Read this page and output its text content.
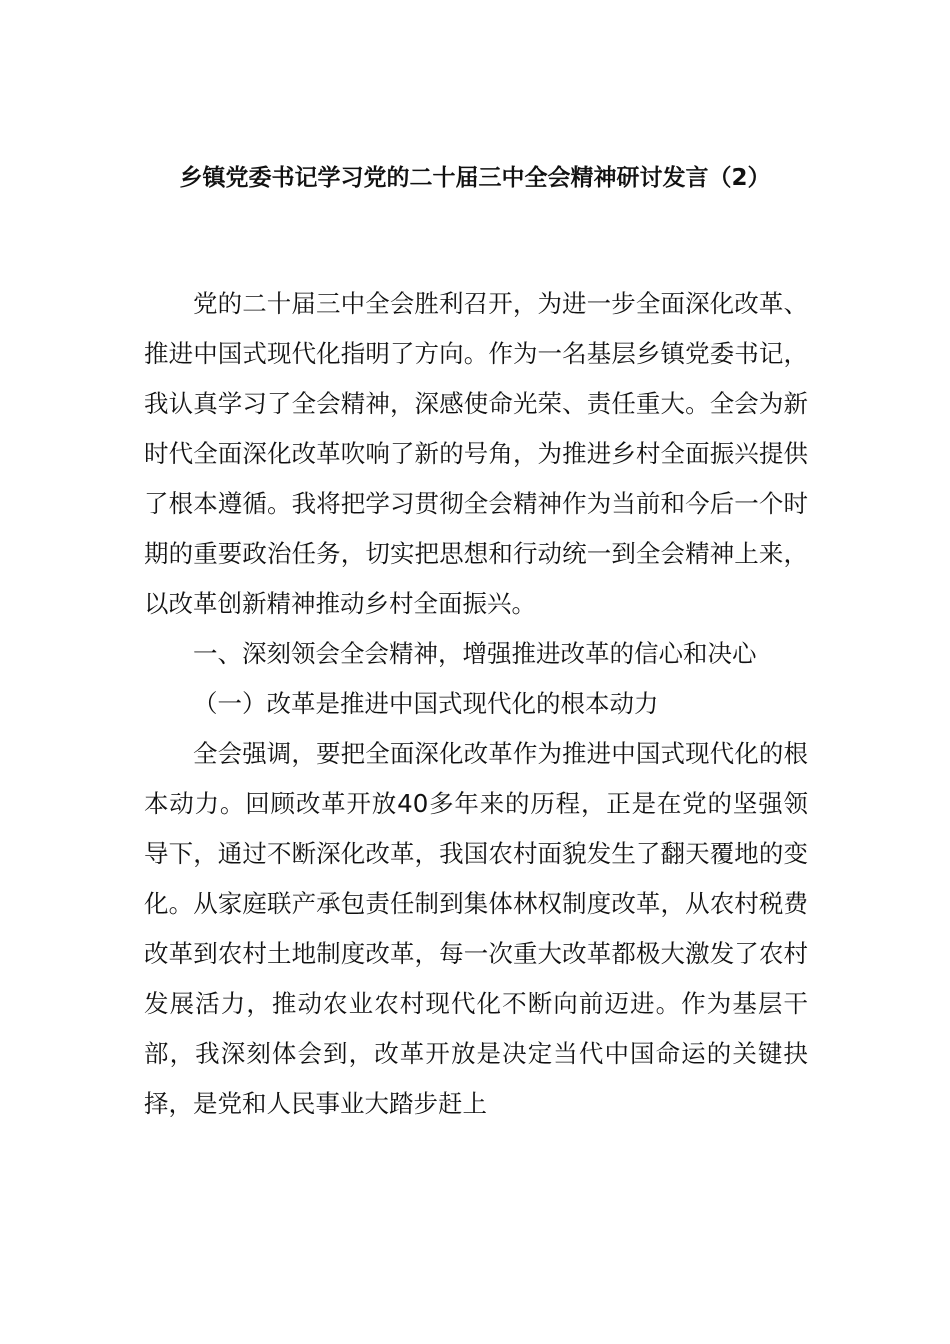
乡镇党委书记学习党的二十届三中全会精神研讨发言（2）

党的二十届三中全会胜利召开，为进一步全面深化改革、推进中国式现代化指明了方向。作为一名基层乡镇党委书记，我认真学习了全会精神，深感使命光荣、责任重大。全会为新时代全面深化改革吹响了新的号角，为推进乡村全面振兴提供了根本遵循。我将把学习贯彻全会精神作为当前和今后一个时期的重要政治任务，切实把思想和行动统一到全会精神上来，以改革创新精神推动乡村全面振兴。

一、深刻领会全会精神，增强推进改革的信心和决心

（一）改革是推进中国式现代化的根本动力

全会强调，要把全面深化改革作为推进中国式现代化的根本动力。回顾改革开放40多年来的历程，正是在党的坚强领导下，通过不断深化改革，我国农村面貌发生了翻天覆地的变化。从家庭联产承包责任制到集体林权制度改革，从农村税费改革到农村土地制度改革，每一次重大改革都极大激发了农村发展活力，推动农业农村现代化不断向前迈进。作为基层干部，我深刻体会到，改革开放是决定当代中国命运的关键抉择，是党和人民事业大踏步赶上
